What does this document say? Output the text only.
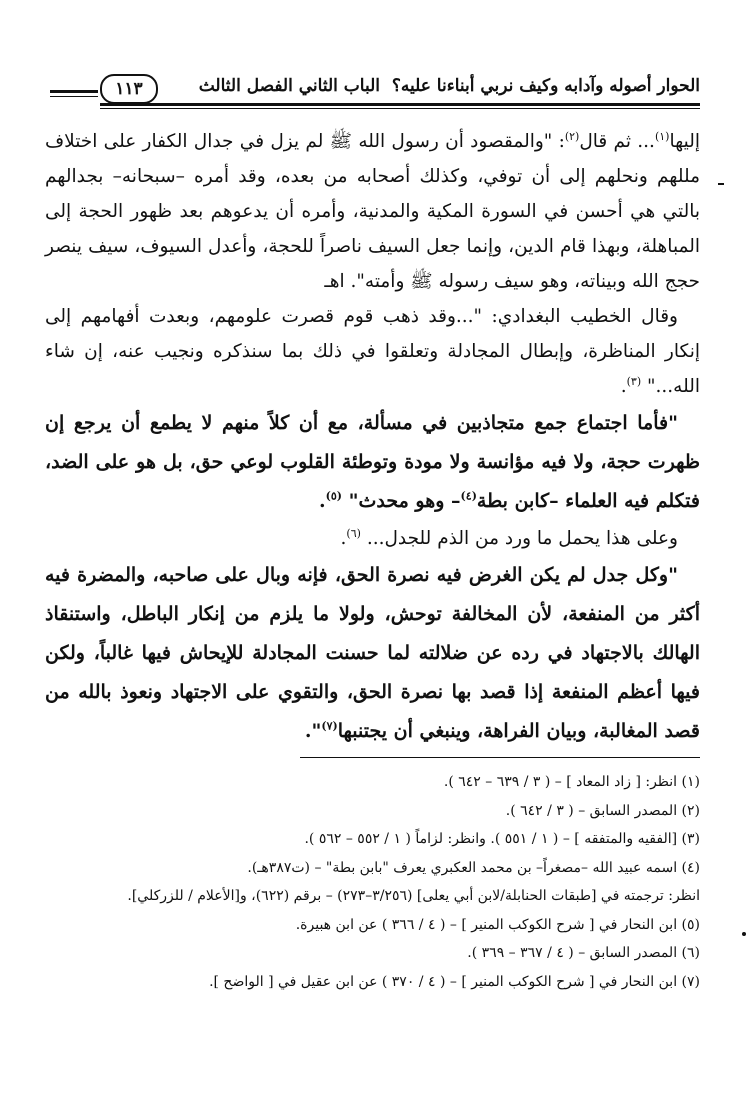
الحوار أصوله وآدابه وكيف نربي أبناءنا عليه؟
الباب الثاني الفصل الثالث
١١٣

إليها$^{(١)}$... ثم قال$^{(٢)}$: "والمقصود أن رسول الله ﷺ لم يزل في جدال الكفار على اختلاف مللهم ونحلهم إلى أن توفي، وكذلك أصحابه من بعده، وقد أمره –سبحانه– بجدالهم بالتي هي أحسن في السورة المكية والمدنية، وأمره أن يدعوهم بعد ظهور الحجة إلى المباهلة، وبهذا قام الدين، وإنما جعل السيف ناصراً للحجة، وأعدل السيوف، سيف ينصر حجج الله وبيناته، وهو سيف رسوله ﷺ وأمته". اهـ

وقال الخطيب البغدادي: "...وقد ذهب قوم قصرت علومهم، وبعدت أفهامهم إلى إنكار المناظرة، وإبطال المجادلة وتعلقوا في ذلك بما سنذكره ونجيب عنه، إن شاء الله..." $^{(٣)}$.

"فأما اجتماع جمع متجاذبين في مسألة، مع أن كلاً منهم لا يطمع أن يرجع إن ظهرت حجة، ولا فيه مؤانسة ولا مودة وتوطئة القلوب لوعي حق، بل هو على الضد، فتكلم فيه العلماء –كابن بطة$^{(٤)}$– وهو محدث" $^{(٥)}$.

وعلى هذا يحمل ما ورد من الذم للجدل... $^{(٦)}$.

"وكل جدل لم يكن الغرض فيه نصرة الحق، فإنه وبال على صاحبه، والمضرة فيه أكثر من المنفعة، لأن المخالفة توحش، ولولا ما يلزم من إنكار الباطل، واستنقاذ الهالك بالاجتهاد في رده عن ضلالته لما حسنت المجادلة للإيحاش فيها غالباً، ولكن فيها أعظم المنفعة إذا قصد بها نصرة الحق، والتقوي على الاجتهاد ونعوذ بالله من قصد المغالبة، وبيان الفراهة، وينبغي أن يجتنبها$^{(٧)}$".

(١) انظر: [ زاد المعاد ] – ( ٣ / ٦٣٩ – ٦٤٢ ).
(٢) المصدر السابق – ( ٣ / ٦٤٢ ).
(٣) [الفقيه والمتفقه ] – ( ١ / ٥٥١ ). وانظر: لزاماً ( ١ / ٥٥٢ – ٥٦٢ ).
(٤) اسمه عبيد الله –مصغراً– بن محمد العكبري يعرف "بابن بطة" – (ت٣٨٧هـ).
انظر: ترجمته في [طبقات الحنابلة/لابن أبي يعلى] (٣/٢٥٦–٢٧٣) – برقم (٦٢٢)، و[الأعلام / للزركلي].
(٥) ابن النحار في [ شرح الكوكب المنير ] – ( ٤ / ٣٦٦ ) عن ابن هبيرة.
(٦) المصدر السابق – ( ٤ / ٣٦٧ – ٣٦٩ ).
(٧) ابن النحار في [ شرح الكوكب المنير ] – ( ٤ / ٣٧٠ ) عن ابن عقيل في [ الواضح ].
